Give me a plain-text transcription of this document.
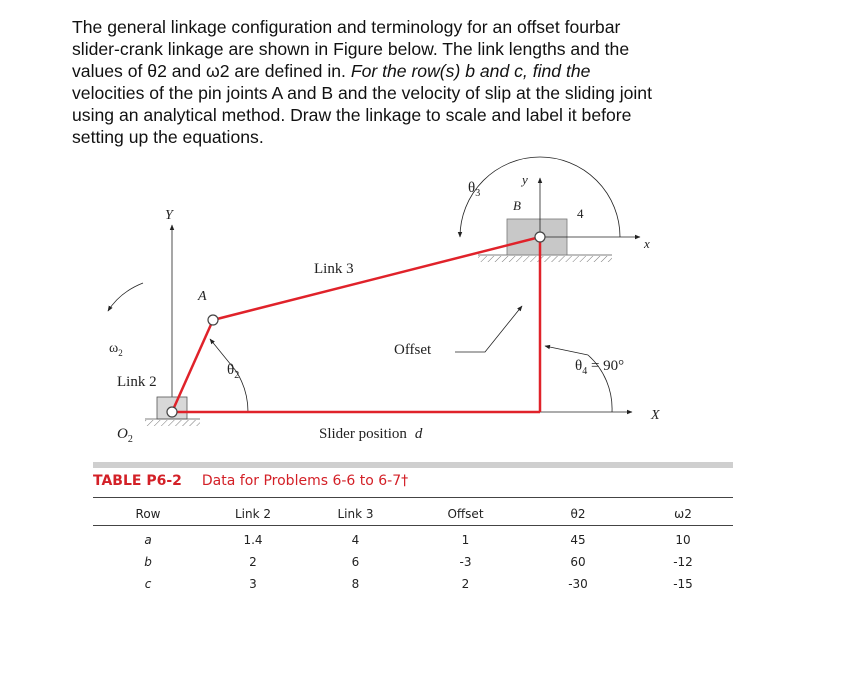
The general linkage configuration and terminology for an offset fourbar
slider-crank linkage are shown in Figure below. The link lengths and the
values of θ2 and ω2 are defined in. For the row(s) b and c, find the
velocities of the pin joints A and B and the velocity of slip at the sliding joint
using an analytical method. Draw the linkage to scale and label it before
setting up the equations.
$\theta_3$
y
B
4
x
Y
Link 3
A
$\omega_2$	Offset
$\theta_2$
Link 2
$\theta_4 = 90^\circ$
X
$O_2$	Slider position d
TABLE P6-2 Data for Problems 6-6 to 6-7†
Row	Link 2	Link 3	Offset	θ2	ω2
a	1.4	4	1	45	10
b	2	6	-3	60	-12
c	3	8	2	-30	-15
